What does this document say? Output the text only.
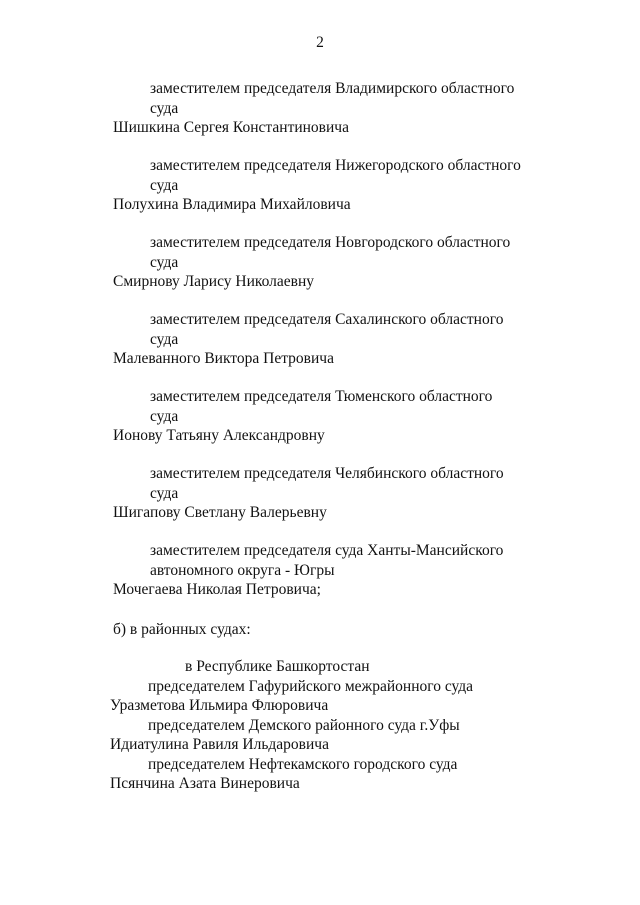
2
заместителем председателя Владимирского областного
суда
Шишкина Сергея Константиновича
заместителем председателя Нижегородского областного
суда
Полухина Владимира Михайловича
заместителем председателя Новгородского областного
суда
Смирнову Ларису Николаевну
заместителем председателя Сахалинского областного
суда
Малеванного Виктора Петровича
заместителем председателя Тюменского областного
суда
Ионову Татьяну Александровну
заместителем председателя Челябинского областного
суда
Шигапову Светлану Валерьевну
заместителем председателя суда Ханты-Мансийского
автономного округа - Югры
Мочегаева Николая Петровича;
б) в районных судах:
в Республике Башкортостан
председателем Гафурийского межрайонного суда
Уразметова Ильмира Флюровича
председателем Демского районного суда г.Уфы
Идиатулина Равиля Ильдаровича
председателем Нефтекамского городского суда
Псянчина Азата Винеровича
